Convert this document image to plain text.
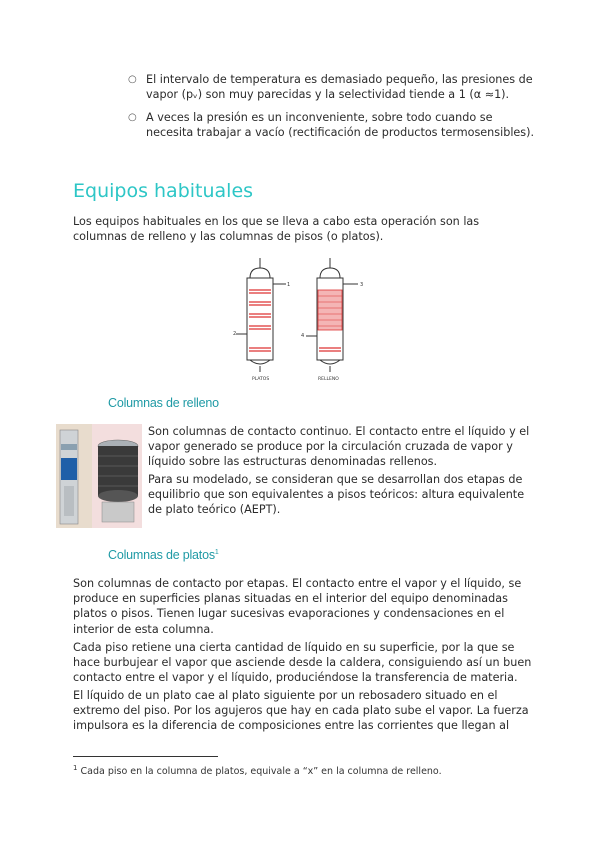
○ El intervalo de temperatura es demasiado pequeño, las presiones de vapor (pᵥ) son muy parecidas y la selectividad tiende a 1 (α ≈1).
○ A veces la presión es un inconveniente, sobre todo cuando se necesita trabajar a vacío (rectificación de productos termosensibles).
Equipos habituales
Los equipos habituales en los que se lleva a cabo esta operación son las columnas de relleno y las columnas de pisos (o platos).
2
1
PLATOS
3
4
RELLENO
Columnas de relleno
Son columnas de contacto continuo. El contacto entre el líquido y el vapor generado se produce por la circulación cruzada de vapor y líquido sobre las estructuras denominadas rellenos.
Para su modelado, se consideran que se desarrollan dos etapas de equilibrio que son equivalentes a pisos teóricos: altura equivalente de plato teórico (AEPT).
Columnas de platos$^1$
Son columnas de contacto por etapas. El contacto entre el vapor y el líquido, se produce en superficies planas situadas en el interior del equipo denominadas platos o pisos. Tienen lugar sucesivas evaporaciones y condensaciones en el interior de esta columna.
Cada piso retiene una cierta cantidad de líquido en su superficie, por la que se hace burbujear el vapor que asciende desde la caldera, consiguiendo así un buen contacto entre el vapor y el líquido, produciéndose la transferencia de materia.
El líquido de un plato cae al plato siguiente por un rebosadero situado en el extremo del piso. Por los agujeros que hay en cada plato sube el vapor. La fuerza impulsora es la diferencia de composiciones entre las corrientes que llegan al
$^1$ Cada piso en la columna de platos, equivale a “x” en la columna de relleno.
